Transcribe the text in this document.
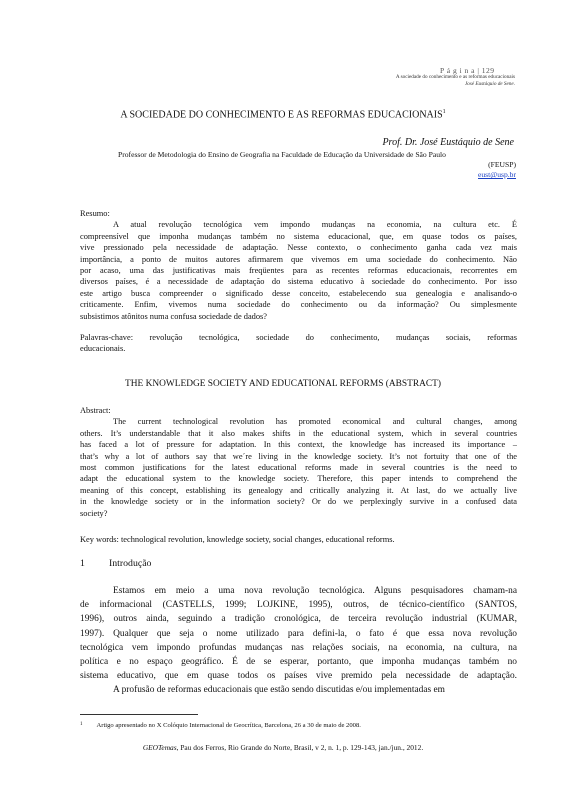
P á g i n a | 129
A sociedade do conhecimento e as reformas educacionais
José Eustáquio de Sene.
A SOCIEDADE DO CONHECIMENTO E AS REFORMAS EDUCACIONAIS$^1$
Prof. Dr. José Eustáquio de Sene
Professor de Metodologia do Ensino de Geografia na Faculdade de Educação da Universidade de São Paulo
(FEUSP)
eust@usp.br

Resumo:

A atual revolução tecnológica vem impondo mudanças na economia, na cultura etc. É
compreensível que imponha mudanças também no sistema educacional, que, em quase todos os países,
vive pressionado pela necessidade de adaptação. Nesse contexto, o conhecimento ganha cada vez mais
importância, a ponto de muitos autores afirmarem que vivemos em uma sociedade do conhecimento. Não
por acaso, uma das justificativas mais freqüentes para as recentes reformas educacionais, recorrentes em
diversos países, é a necessidade de adaptação do sistema educativo à sociedade do conhecimento. Por isso
este artigo busca compreender o significado desse conceito, estabelecendo sua genealogia e analisando-o
criticamente. Enfim, vivemos numa sociedade do conhecimento ou da informação? Ou simplesmente
subsistimos atônitos numa confusa sociedade de dados?
Palavras-chave: revolução tecnológica, sociedade do conhecimento, mudanças sociais, reformas
educacionais.
THE KNOWLEDGE SOCIETY AND EDUCATIONAL REFORMS (ABSTRACT)

Abstract:

The current technological revolution has promoted economical and cultural changes, among
others. It’s understandable that it also makes shifts in the educational system, which in several countries
has faced a lot of pressure for adaptation. In this context, the knowledge has increased its importance –
that’s why a lot of authors say that we´re living in the knowledge society. It’s not fortuity that one of the
most common justifications for the latest educational reforms made in several countries is the need to
adapt the educational system to the knowledge society. Therefore, this paper intends to comprehend the
meaning of this concept, establishing its genealogy and critically analyzing it. At last, do we actually live
in the knowledge society or in the information society? Or do we perplexingly survive in a confused data
society?
Key words: technological revolution, knowledge society, social changes, educational reforms.
1 Introdução
Estamos em meio a uma nova revolução tecnológica. Alguns pesquisadores chamam-na
de informacional (CASTELLS, 1999; LOJKINE, 1995), outros, de técnico-científico (SANTOS,
1996), outros ainda, seguindo a tradição cronológica, de terceira revolução industrial (KUMAR,
1997). Qualquer que seja o nome utilizado para defini-la, o fato é que essa nova revolução
tecnológica vem impondo profundas mudanças nas relações sociais, na economia, na cultura, na
política e no espaço geográfico. É de se esperar, portanto, que imponha mudanças também no
sistema educativo, que em quase todos os países vive premido pela necessidade de adaptação.
A profusão de reformas educacionais que estão sendo discutidas e/ou implementadas em
$^1$ Artigo apresentado no X Colóquio Internacional de Geocrítica, Barcelona, 26 a 30 de maio de 2008.
GEOTemas, Pau dos Ferros, Rio Grande do Norte, Brasil, v 2, n. 1, p. 129-143, jan./jun., 2012.
